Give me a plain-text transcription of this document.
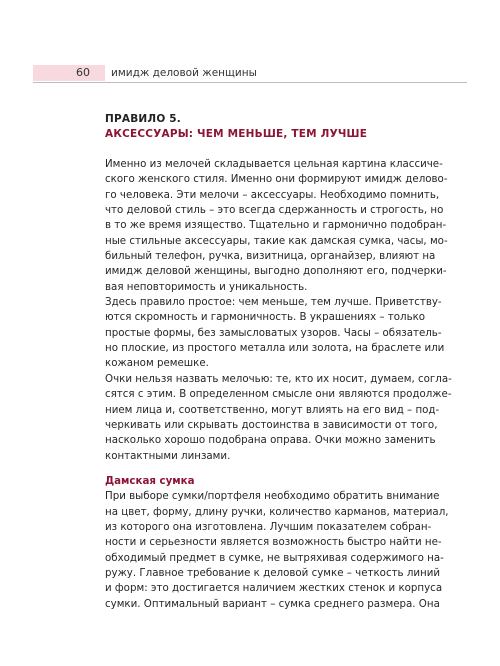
60 имидж деловой женщины
ПРАВИЛО 5.
АКСЕССУАРЫ: ЧЕМ МЕНЬШЕ, ТЕМ ЛУЧШЕ

Именно из мелочей складывается цельная картина классиче-

ского женского стиля. Именно они формируют имидж делово-

го человека. Эти мелочи – аксессуары. Необходимо помнить,

что деловой стиль – это всегда сдержанность и строгость, но

в то же время изящество. Тщательно и гармонично подобран-

ные стильные аксессуары, такие как дамская сумка, часы, мо-

бильный телефон, ручка, визитница, органайзер, влияют на

имидж деловой женщины, выгодно дополняют его, подчерки-

вая неповторимость и уникальность.

Здесь правило простое: чем меньше, тем лучше. Приветству-

ются скромность и гармоничность. В украшениях – только

простые формы, без замысловатых узоров. Часы – обязатель-

но плоские, из простого металла или золота, на браслете или

кожаном ремешке.

Очки нельзя назвать мелочью: те, кто их носит, думаем, согла-

сятся с этим. В определенном смысле они являются продолже-

нием лица и, соответственно, могут влиять на его вид – под-

черкивать или скрывать достоинства в зависимости от того,

насколько хорошо подобрана оправа. Очки можно заменить

контактными линзами.

Дамская сумка

При выборе сумки/портфеля необходимо обратить внимание

на цвет, форму, длину ручки, количество карманов, материал,

из которого она изготовлена. Лучшим показателем собран-

ности и серьезности является возможность быстро найти не-

обходимый предмет в сумке, не вытряхивая содержимого на-

ружу. Главное требование к деловой сумке – четкость линий

и форм: это достигается наличием жестких стенок и корпуса

сумки. Оптимальный вариант – сумка среднего размера. Она
